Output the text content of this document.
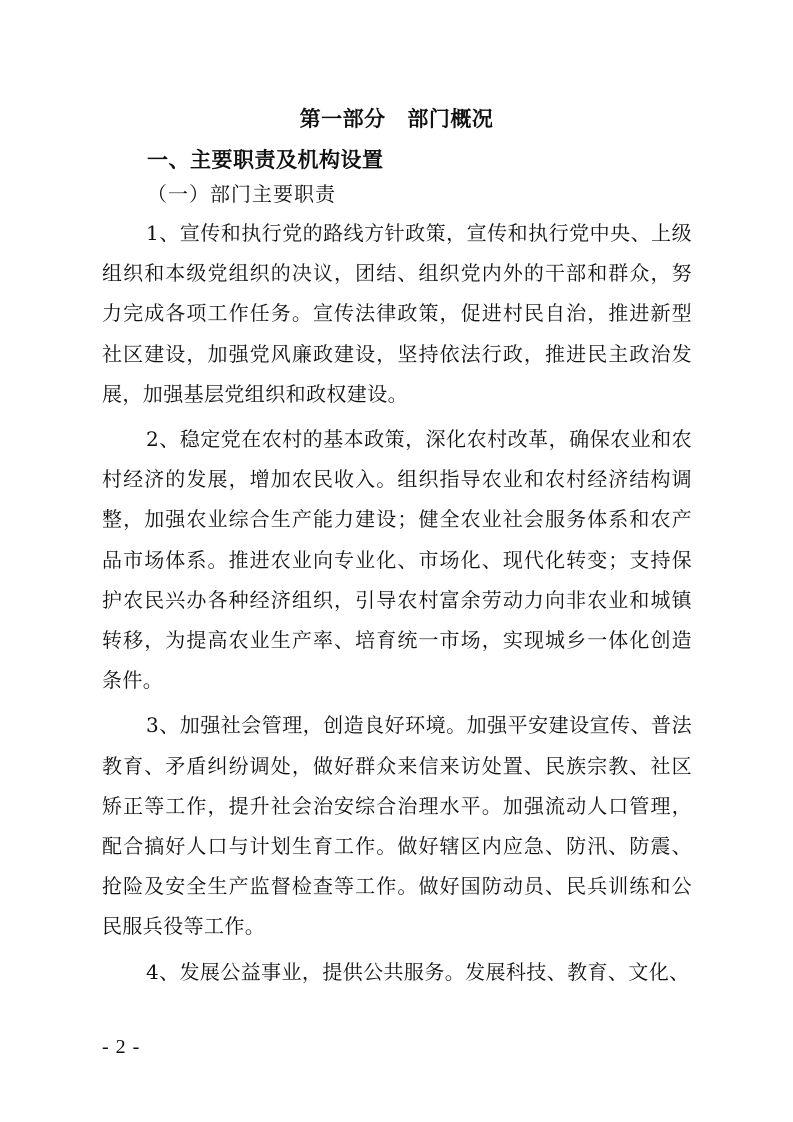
第一部分 部门概况
一、主要职责及机构设置
（一）部门主要职责

1、宣传和执行党的路线方针政策，宣传和执行党中央、上级组织和本级党组织的决议，团结、组织党内外的干部和群众，努力完成各项工作任务。宣传法律政策，促进村民自治，推进新型社区建设，加强党风廉政建设，坚持依法行政，推进民主政治发展，加强基层党组织和政权建设。

2、稳定党在农村的基本政策，深化农村改革，确保农业和农村经济的发展，增加农民收入。组织指导农业和农村经济结构调整，加强农业综合生产能力建设；健全农业社会服务体系和农产品市场体系。推进农业向专业化、市场化、现代化转变；支持保护农民兴办各种经济组织，引导农村富余劳动力向非农业和城镇转移，为提高农业生产率、培育统一市场，实现城乡一体化创造条件。

3、加强社会管理，创造良好环境。加强平安建设宣传、普法教育、矛盾纠纷调处，做好群众来信来访处置、民族宗教、社区矫正等工作，提升社会治安综合治理水平。加强流动人口管理，配合搞好人口与计划生育工作。做好辖区内应急、防汛、防震、抢险及安全生产监督检查等工作。做好国防动员、民兵训练和公民服兵役等工作。

4、发展公益事业，提供公共服务。发展科技、教育、文化、

- 2 -
